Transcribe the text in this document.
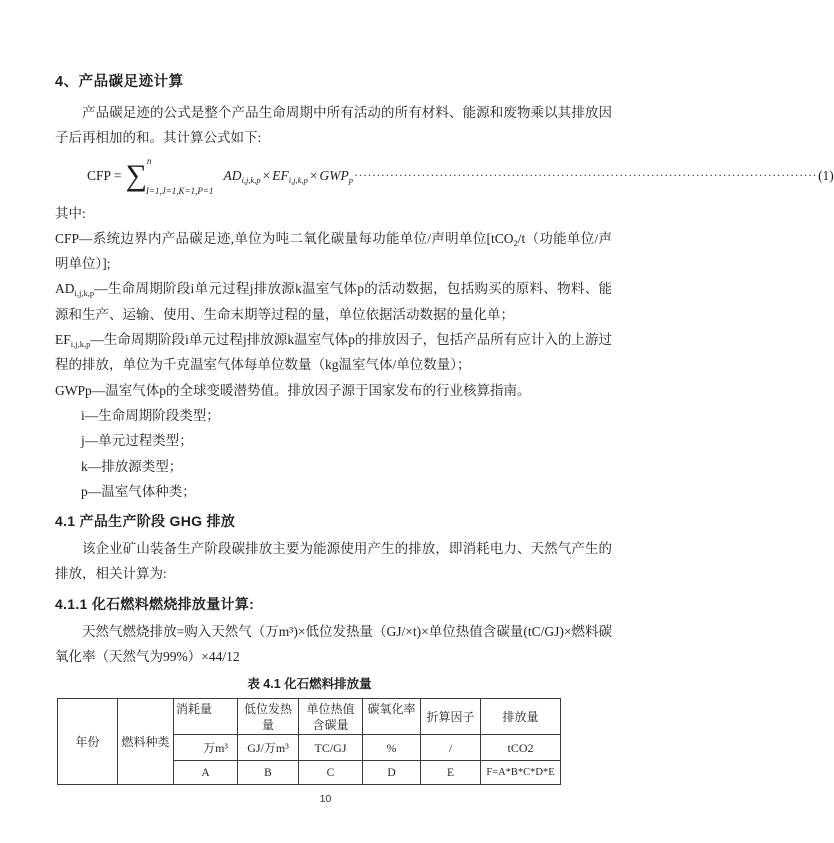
4、产品碳足迹计算

产品碳足迹的公式是整个产品生命周期中所有活动的所有材料、能源和废物乘以其排放因子后再相加的和。其计算公式如下:

CFP = ∑ n
I=1,J=1,K=1,P=1
$AD_{i,j,k,p} \times EF_{i,j,k,p} \times GWP_p$ ······································································································· (1)

其中:

CFP—系统边界内产品碳足迹,单位为吨二氧化碳量每功能单位/声明单位[tCO$_2$/t（功能单位/声明单位）];

$AD_{i,j,k,p}—$生命周期阶段i单元过程j排放源k温室气体p的活动数据，包括购买的原料、物料、能源和生产、运输、使用、生命末期等过程的量，单位依据活动数据的量化单；

$EF_{i,j,k,p}—$生命周期阶段i单元过程j排放源k温室气体p的排放因子，包括产品所有应计入的上游过程的排放，单位为千克温室气体每单位数量（kg温室气体/单位数量）；

GWPp—温室气体p的全球变暖潜势值。排放因子源于国家发布的行业核算指南。

i—生命周期阶段类型；
j—单元过程类型；
k—排放源类型；
p—温室气体种类；
4.1 产品生产阶段 GHG 排放

该企业矿山装备生产阶段碳排放主要为能源使用产生的排放，即消耗电力、天然气产生的排放，相关计算为:

4.1.1 化石燃料燃烧排放量计算:

天然气燃烧排放=购入天然气（万m³)×低位发热量（GJ/×t)×单位热值含碳量(tC/GJ)×燃料碳氧化率（天然气为99%）×44/12

表 4.1 化石燃料排放量
年份	燃料种类	消耗量	低位发热量	单位热值含碳量	碳氧化率	折算因子	排放量
		万m³	GJ/万m³	TC/GJ	%	/	tCO2
		A	B	C	D	E	F=A*B*C*D*E
10
